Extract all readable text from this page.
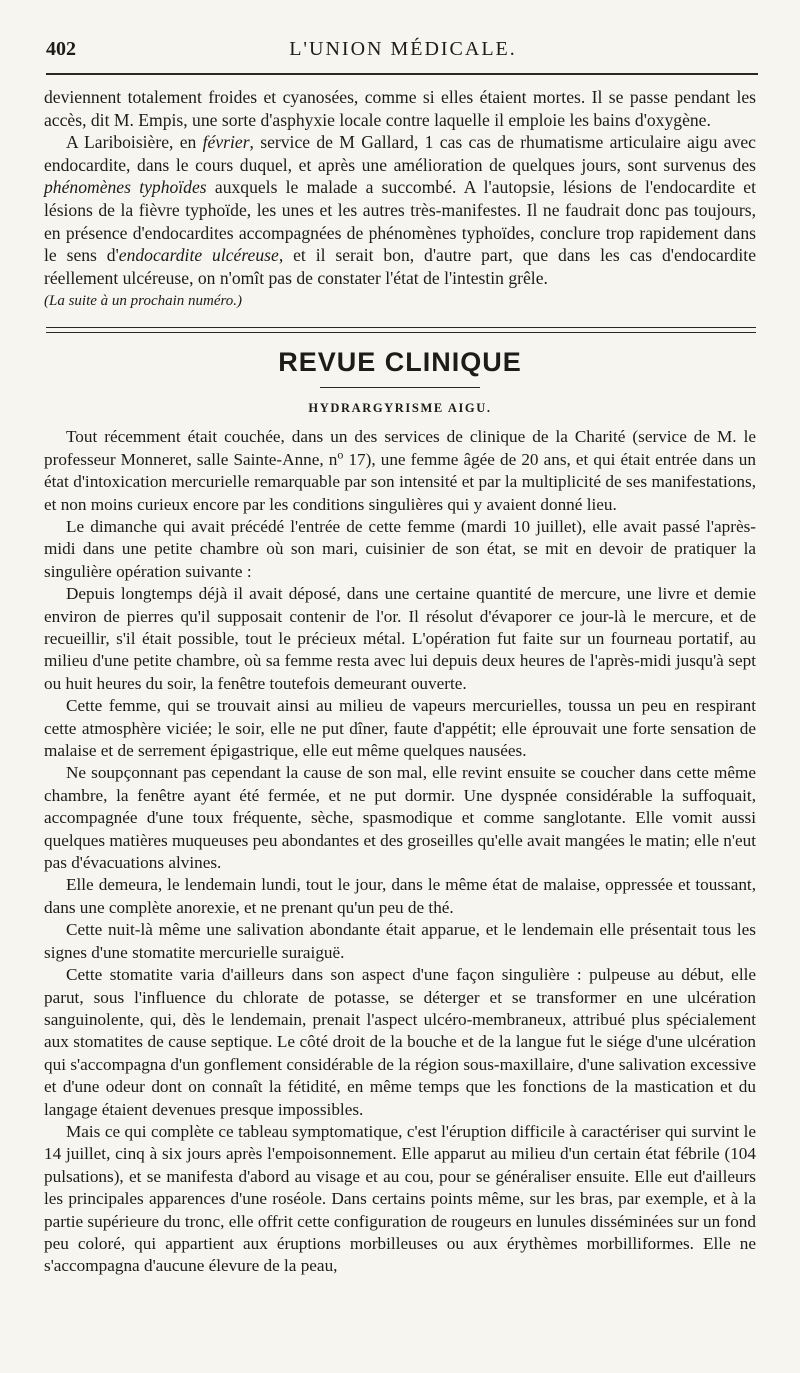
402	L'UNION MÉDICALE.

deviennent totalement froides et cyanosées, comme si elles étaient mortes. Il se passe pendant les accès, dit M. Empis, une sorte d'asphyxie locale contre laquelle il emploie les bains d'oxygène.

A Lariboisière, en février, service de M Gallard, 1 cas cas de rhumatisme articulaire aigu avec endocardite, dans le cours duquel, et après une amélioration de quelques jours, sont survenus des phénomènes typhoïdes auxquels le malade a succombé. A l'autopsie, lésions de l'endocardite et lésions de la fièvre typhoïde, les unes et les autres très-manifestes. Il ne faudrait donc pas toujours, en présence d'endocardites accompagnées de phénomènes typhoïdes, conclure trop rapidement dans le sens d'endocardite ulcéreuse, et il serait bon, d'autre part, que dans les cas d'endocardite réellement ulcéreuse, on n'omît pas de constater l'état de l'intestin grêle.

(La suite à un prochain numéro.)

REVUE CLINIQUE
HYDRARGYRISME AIGU.

Tout récemment était couchée, dans un des services de clinique de la Charité (service de M. le professeur Monneret, salle Sainte-Anne, $n^o$ 17), une femme âgée de 20 ans, et qui était entrée dans un état d'intoxication mercurielle remarquable par son intensité et par la multiplicité de ses manifestations, et non moins curieux encore par les conditions singulières qui y avaient donné lieu.

Le dimanche qui avait précédé l'entrée de cette femme (mardi 10 juillet), elle avait passé l'après-midi dans une petite chambre où son mari, cuisinier de son état, se mit en devoir de pratiquer la singulière opération suivante :

Depuis longtemps déjà il avait déposé, dans une certaine quantité de mercure, une livre et demie environ de pierres qu'il supposait contenir de l'or. Il résolut d'évaporer ce jour-là le mercure, et de recueillir, s'il était possible, tout le précieux métal. L'opération fut faite sur un fourneau portatif, au milieu d'une petite chambre, où sa femme resta avec lui depuis deux heures de l'après-midi jusqu'à sept ou huit heures du soir, la fenêtre toutefois demeurant ouverte.

Cette femme, qui se trouvait ainsi au milieu de vapeurs mercurielles, toussa un peu en respirant cette atmosphère viciée; le soir, elle ne put dîner, faute d'appétit; elle éprouvait une forte sensation de malaise et de serrement épigastrique, elle eut même quelques nausées.

Ne soupçonnant pas cependant la cause de son mal, elle revint ensuite se coucher dans cette même chambre, la fenêtre ayant été fermée, et ne put dormir. Une dyspnée considérable la suffoquait, accompagnée d'une toux fréquente, sèche, spasmodique et comme sanglotante. Elle vomit aussi quelques matières muqueuses peu abondantes et des groseilles qu'elle avait mangées le matin; elle n'eut pas d'évacuations alvines.

Elle demeura, le lendemain lundi, tout le jour, dans le même état de malaise, oppressée et toussant, dans une complète anorexie, et ne prenant qu'un peu de thé.

Cette nuit-là même une salivation abondante était apparue, et le lendemain elle présentait tous les signes d'une stomatite mercurielle suraiguë.

Cette stomatite varia d'ailleurs dans son aspect d'une façon singulière : pulpeuse au début, elle parut, sous l'influence du chlorate de potasse, se déterger et se transformer en une ulcération sanguinolente, qui, dès le lendemain, prenait l'aspect ulcéro-membraneux, attribué plus spécialement aux stomatites de cause septique. Le côté droit de la bouche et de la langue fut le siége d'une ulcération qui s'accompagna d'un gonflement considérable de la région sous-maxillaire, d'une salivation excessive et d'une odeur dont on connaît la fétidité, en même temps que les fonctions de la mastication et du langage étaient devenues presque impossibles.

Mais ce qui complète ce tableau symptomatique, c'est l'éruption difficile à caractériser qui survint le 14 juillet, cinq à six jours après l'empoisonnement. Elle apparut au milieu d'un certain état fébrile (104 pulsations), et se manifesta d'abord au visage et au cou, pour se généraliser ensuite. Elle eut d'ailleurs les principales apparences d'une roséole. Dans certains points même, sur les bras, par exemple, et à la partie supérieure du tronc, elle offrit cette configuration de rougeurs en lunules disséminées sur un fond peu coloré, qui appartient aux éruptions morbilleuses ou aux érythèmes morbilliformes. Elle ne s'accompagna d'aucune élevure de la peau,
